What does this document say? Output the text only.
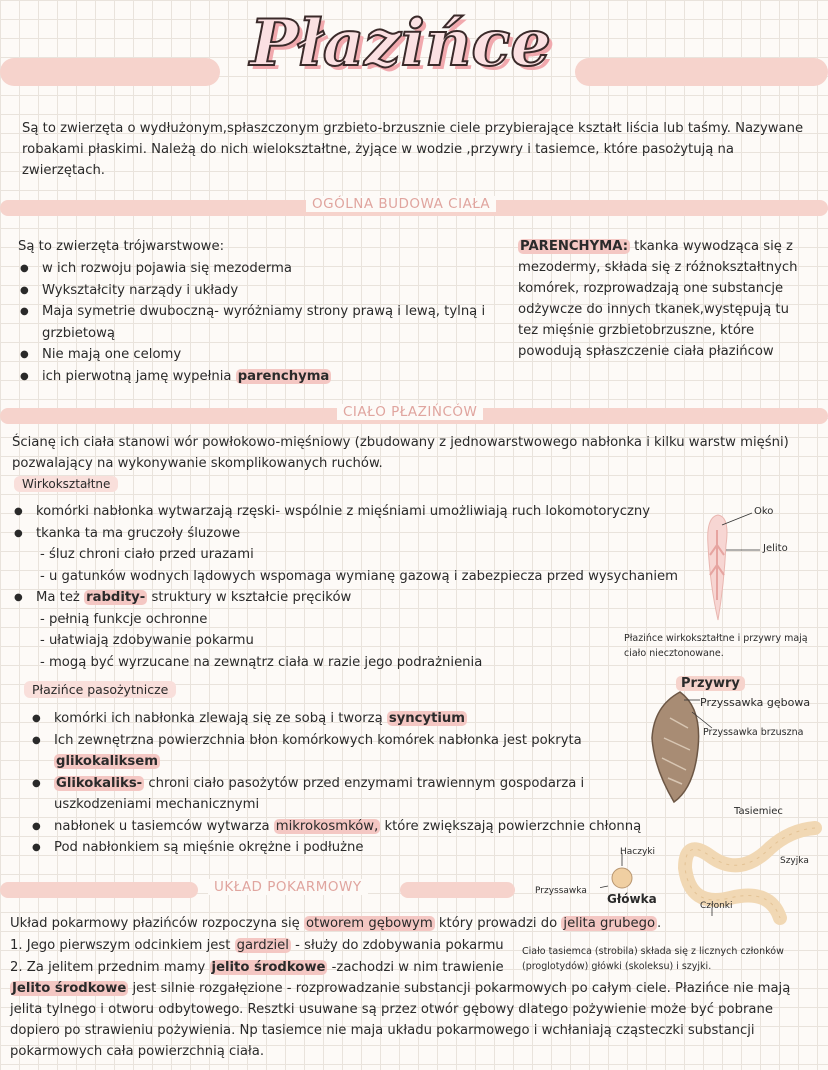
Płazińce
Są to zwierzęta o wydłużonym,spłaszczonym grzbieto-brzusznie ciele przybierające kształt liścia lub taśmy. Nazywane robakami płaskimi. Należą do nich wielokształtne, żyjące w wodzie ,przywry i tasiemce, które pasożytują na zwierzętach.
OGÓLNA BUDOWA CIAŁA
Są to zwierzęta trójwarstwowe:
● w ich rozwoju pojawia się mezoderma
● Wykształcity narządy i układy
● Maja symetrie dwuboczną- wyróżniamy strony prawą i lewą, tylną i grzbietową
● Nie mają one celomy
● ich pierwotną jamę wypełnia parenchyma
PARENCHYMA: tkanka wywodząca się z mezodermy, składa się z różnokształtnych komórek, rozprowadzają one substancje odżywcze do innych tkanek,występują tu tez mięśnie grzbietobrzuszne, które powodują spłaszczenie ciała płazińcow
CIAŁO PŁAZIŃCÓW
Ścianę ich ciała stanowi wór powłokowo-mięśniowy (zbudowany z jednowarstwowego nabłonka i kilku warstw mięśni) pozwalający na wykonywanie skomplikowanych ruchów.
Wirkokształtne
● komórki nabłonka wytwarzają rzęski- wspólnie z mięśniami umożliwiają ruch lokomotoryczny
● tkanka ta ma gruczoły śluzowe
- śluz chroni ciało przed urazami
- u gatunków wodnych lądowych wspomaga wymianę gazową i zabezpiecza przed wysychaniem
● Ma też rabdity- struktury w kształcie pręcików
- pełnią funkcje ochronne
- ułatwiają zdobywanie pokarmu
- mogą być wyrzucane na zewnątrz ciała w razie jego podrażnienia
Oko
Jelito
Płazińce wirkokształtne i przywry mają ciało niecztonowane.
Płazińce pasożytnicze
● komórki ich nabłonka zlewają się ze sobą i tworzą syncytium
● Ich zewnętrzna powierzchnia błon komórkowych komórek nabłonka jest pokryta glikokaliksem
● Glikokaliks- chroni ciało pasożytów przed enzymami trawiennym gospodarza i uszkodzeniami mechanicznymi
● nabłonek u tasiemców wytwarza mikrokosmków, które zwiększają powierzchnie chłonną
● Pod nabłonkiem są mięśnie okrężne i podłużne
Przywry
Przyssawka gębowa
Przyssawka brzuszna
Tasiemiec
Szyjka
Haczyki
Przyssawka
Główka	Członki
Ciało tasiemca (strobila) składa się z licznych członków (proglotydów) główki (skoleksu) i szyjki.
UKŁAD POKARMOWY
Układ pokarmowy płazińców rozpoczyna się otworem gębowym który prowadzi do jelita grubego .
1. Jego pierwszym odcinkiem jest gardziel - służy do zdobywania pokarmu
2. Za jelitem przednim mamy jelito środkowe -zachodzi w nim trawienie
Jelito środkowe jest silnie rozgałęzione - rozprowadzanie substancji pokarmowych po całym ciele. Płazińce nie mają jelita tylnego i otworu odbytowego. Resztki usuwane są przez otwór gębowy dlatego pożywienie może być pobrane dopiero po strawieniu pożywienia. Np tasiemce nie maja układu pokarmowego i wchłaniają cząsteczki substancji pokarmowych cała powierzchnią ciała.
